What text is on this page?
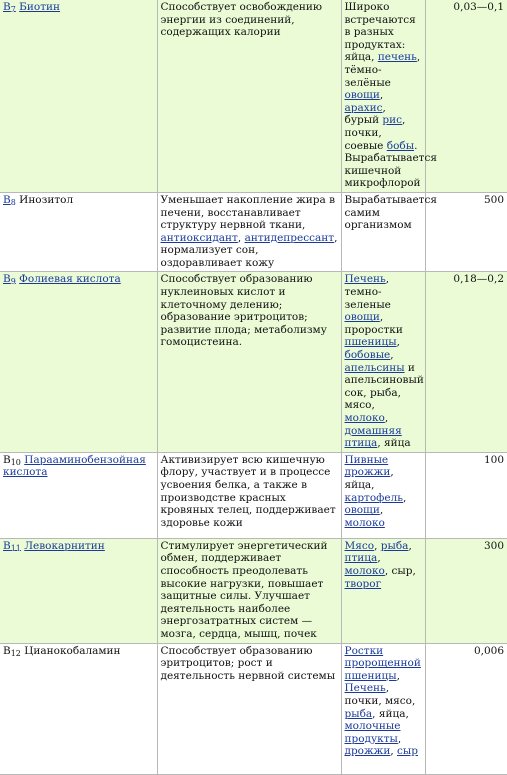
$B_7$ Биотин	Способствует освобождению энергии из соединений, содержащих калории	Широко встречаются в разных продуктах: яйца, печень, тёмно-зелёные овощи, арахис, бурый рис, почки, соевые бобы. Вырабатывается кишечной микрофлорой	0,03—0,1
$B_8$ Инозитол	Уменьшает накопление жира в печени, восстанавливает структуру нервной ткани, антиоксидант, антидепрессант, нормализует сон, оздоравливает кожу	Вырабатывается самим организмом	500
$B_9$ Фолиевая кислота	Способствует образованию нуклеиновых кислот и клеточному делению; образование эритроцитов; развитие плода; метаболизму гомоцистеина.	Печень, темно-зеленые овощи, проростки пшеницы, бобовые, апельсины и апельсиновый сок, рыба, мясо, молоко, домашняя птица, яйца	0,18—0,2
$B_{10}$ Парааминобензойная кислота	Активизирует всю кишечную флору, участвует и в процессе усвоения белка, а также в производстве красных кровяных телец, поддерживает здоровье кожи	Пивные дрожжи, яйца, картофель, овощи, молоко	100
$B_{11}$ Левокарнитин	Стимулирует энергетический обмен, поддерживает способность преодолевать высокие нагрузки, повышает защитные силы. Улучшает деятельность наиболее энергозатратных систем — мозга, сердца, мышц, почек	Мясо, рыба, птица, молоко, сыр, творог	300
$B_{12}$ Цианокобаламин	Способствует образованию эритроцитов; рост и деятельность нервной системы	Ростки пророщенной пшеницы, Печень, почки, мясо, рыба, яйца, молочные продукты, дрожжи, сыр	0,006
